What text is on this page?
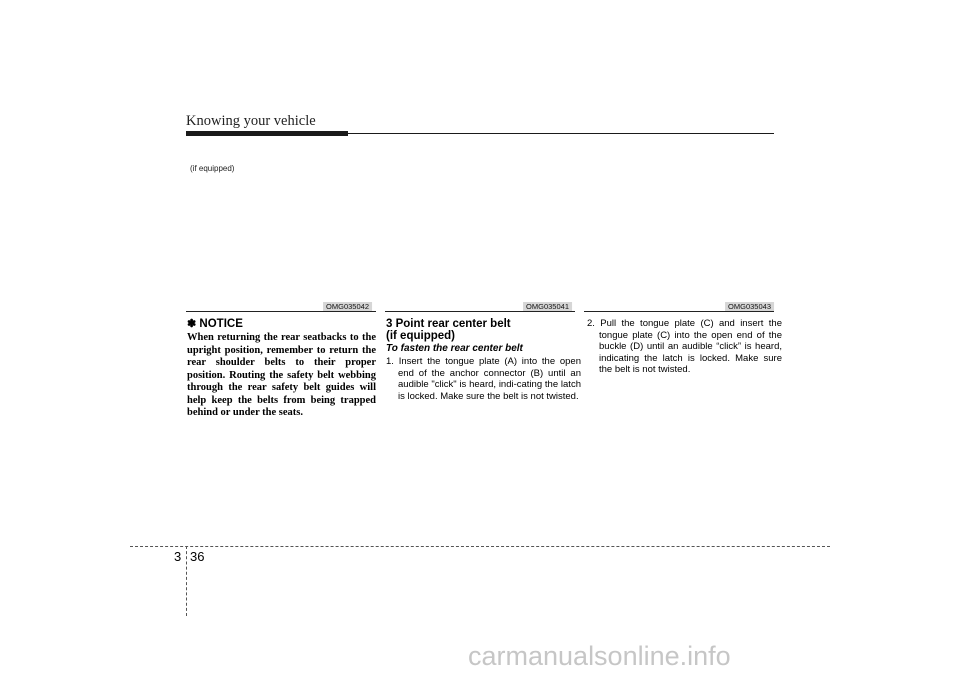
Knowing your vehicle
(if equipped)
OMG035042
✽ NOTICE
When returning the rear seatbacks to the upright position, remember to return the rear shoulder belts to their proper position. Routing the safety belt webbing through the rear safety belt guides will help keep the belts from being trapped behind or under the seats.
OMG035041
3 Point rear center belt
(if equipped)
To fasten the rear center belt
1. Insert the tongue plate (A) into the open end of the anchor connector (B) until an audible "click" is heard, indi-cating the latch is locked. Make sure the belt is not twisted.
OMG035043
2. Pull the tongue plate (C) and insert the tongue plate (C) into the open end of the buckle (D) until an audible “click” is heard, indicating the latch is locked. Make sure the belt is not twisted.
3 36
carmanualsonline.info
